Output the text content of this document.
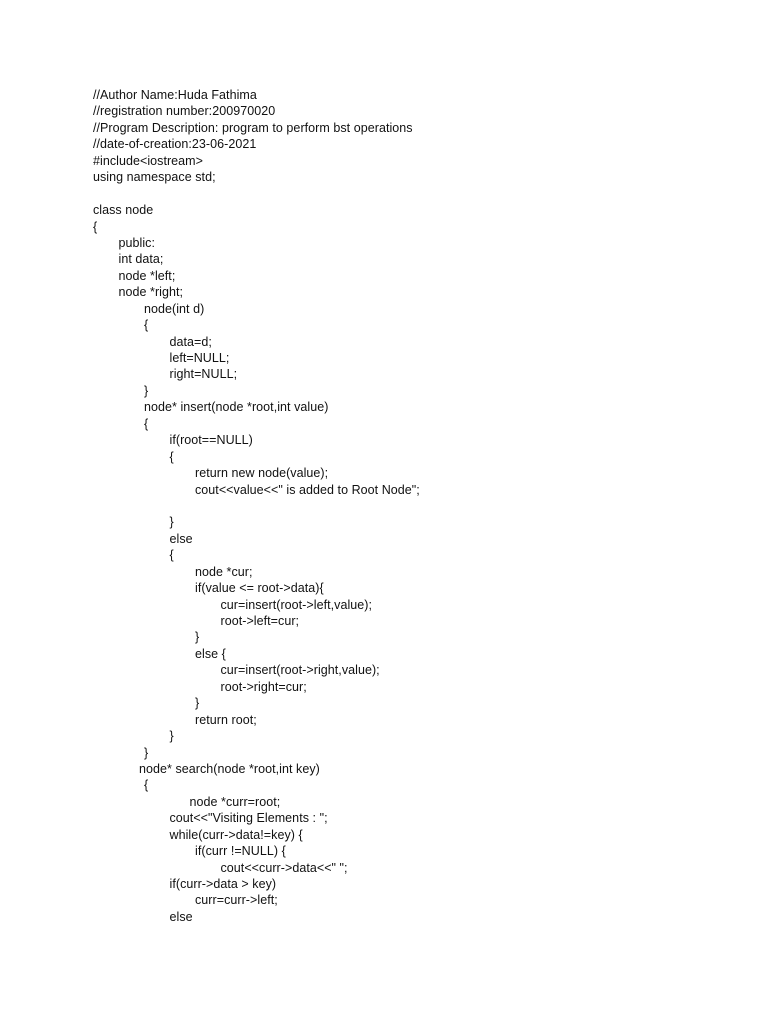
//Author Name:Huda Fathima
//registration number:200970020
//Program Description: program to perform bst operations
//date-of-creation:23-06-2021
#include<iostream>
using namespace std;
class node
{
public:
int data;
node *left;
node *right;
node(int d)
{
data=d;
left=NULL;
right=NULL;
}
node* insert(node *root,int value)
{
if(root==NULL)
{
return new node(value);
cout<<value<<" is added to Root Node";
}
else
{
node *cur;
if(value <= root->data){
cur=insert(root->left,value);
root->left=cur;
}
else {
cur=insert(root->right,value);
root->right=cur;
}
return root;
}
}
node* search(node *root,int key)
{
node *curr=root;
cout<<"Visiting Elements : ";
while(curr->data!=key) {
if(curr !=NULL) {
cout<<curr->data<<" ";
if(curr->data > key)
curr=curr->left;
else
